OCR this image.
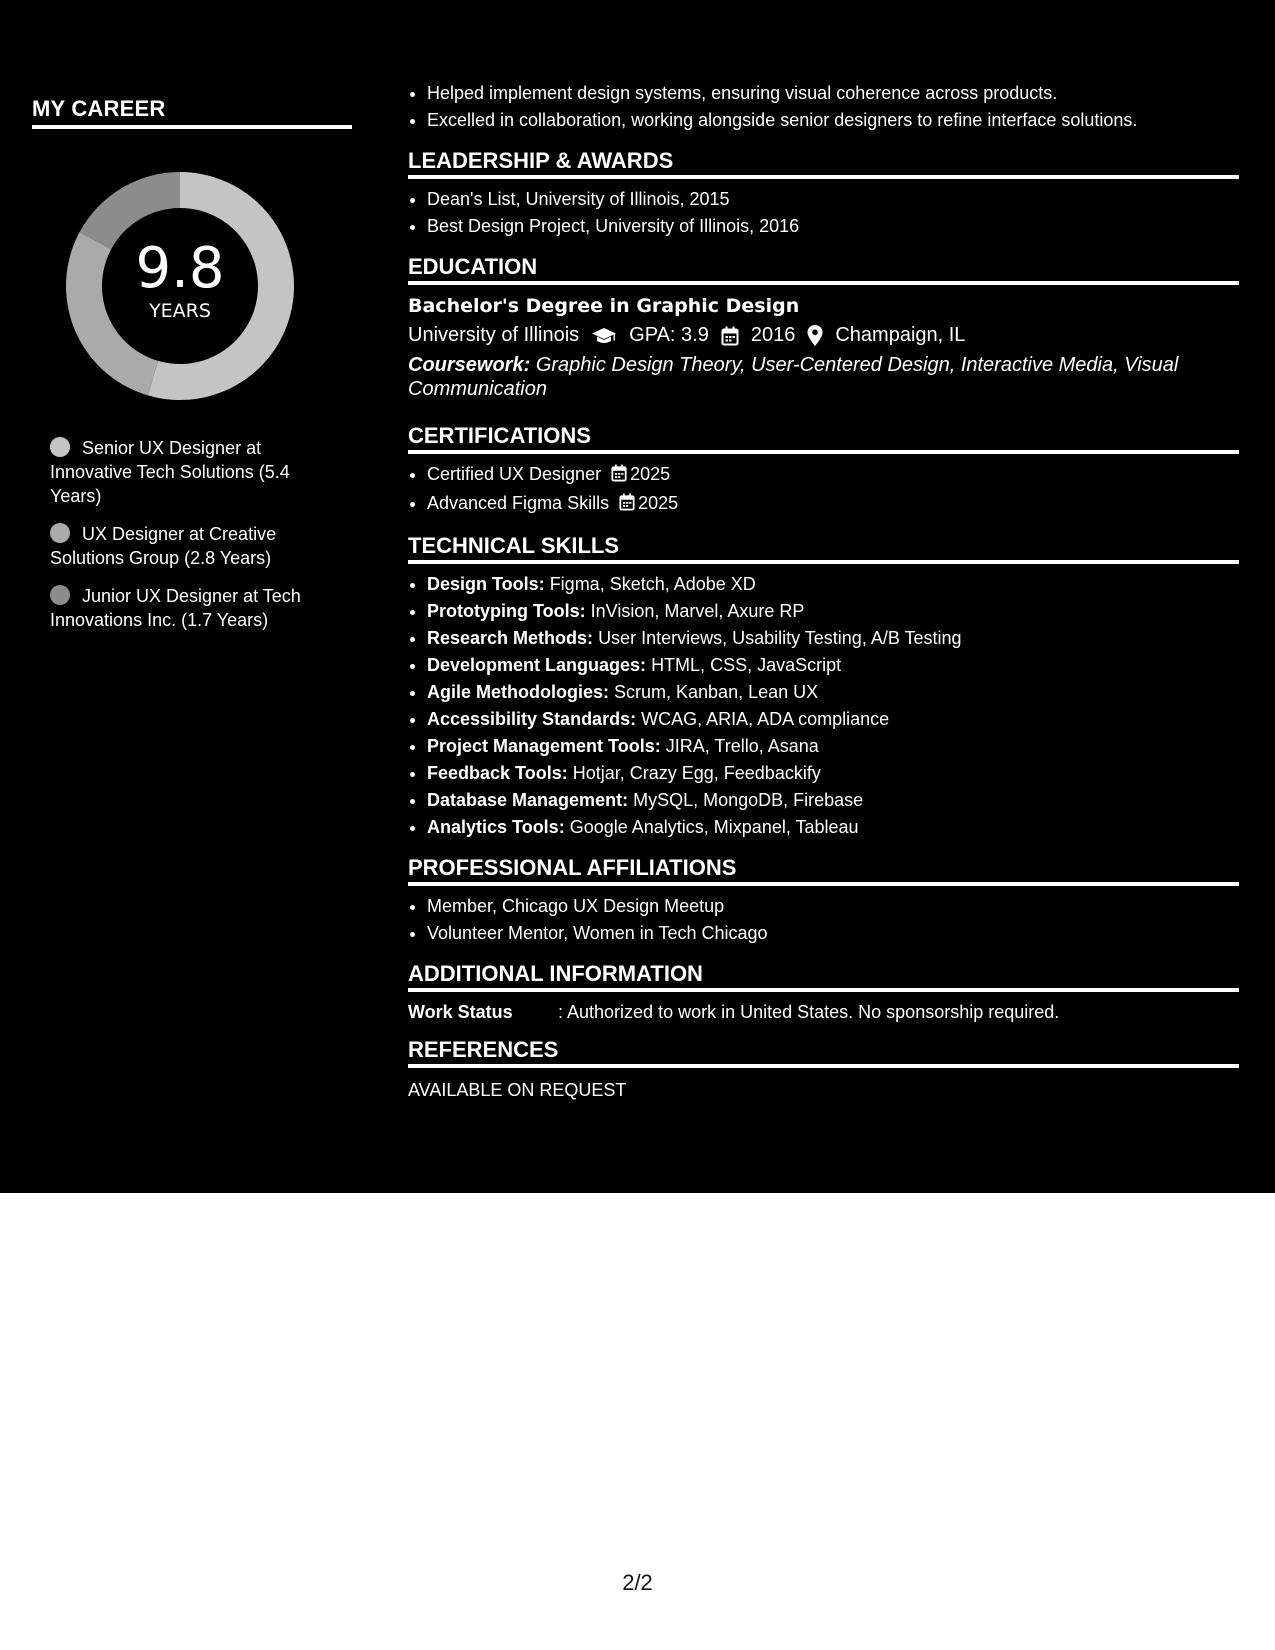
MY CAREER
9.8
YEARS
Senior UX Designer at Innovative Tech Solutions (5.4 Years)
UX Designer at Creative Solutions Group (2.8 Years)
Junior UX Designer at Tech Innovations Inc. (1.7 Years)
• Helped implement design systems, ensuring visual coherence across products.
• Excelled in collaboration, working alongside senior designers to refine interface solutions.
LEADERSHIP & AWARDS
• Dean's List, University of Illinois, 2015
• Best Design Project, University of Illinois, 2016
EDUCATION
Bachelor's Degree in Graphic Design
University of Illinois	GPA: 3.9 2016 Champaign, IL
Coursework: Graphic Design Theory, User-Centered Design, Interactive Media, Visual Communication
CERTIFICATIONS
• Certified UX Designer 2025
• Advanced Figma Skills 2025
TECHNICAL SKILLS
• Design Tools: Figma, Sketch, Adobe XD
• Prototyping Tools: InVision, Marvel, Axure RP
• Research Methods: User Interviews, Usability Testing, A/B Testing
• Development Languages: HTML, CSS, JavaScript
• Agile Methodologies: Scrum, Kanban, Lean UX
• Accessibility Standards: WCAG, ARIA, ADA compliance
• Project Management Tools: JIRA, Trello, Asana
• Feedback Tools: Hotjar, Crazy Egg, Feedbackify
• Database Management: MySQL, MongoDB, Firebase
• Analytics Tools: Google Analytics, Mixpanel, Tableau
PROFESSIONAL AFFILIATIONS
• Member, Chicago UX Design Meetup
• Volunteer Mentor, Women in Tech Chicago
ADDITIONAL INFORMATION
Work Status	: Authorized to work in United States. No sponsorship required.
REFERENCES
AVAILABLE ON REQUEST
2/2
